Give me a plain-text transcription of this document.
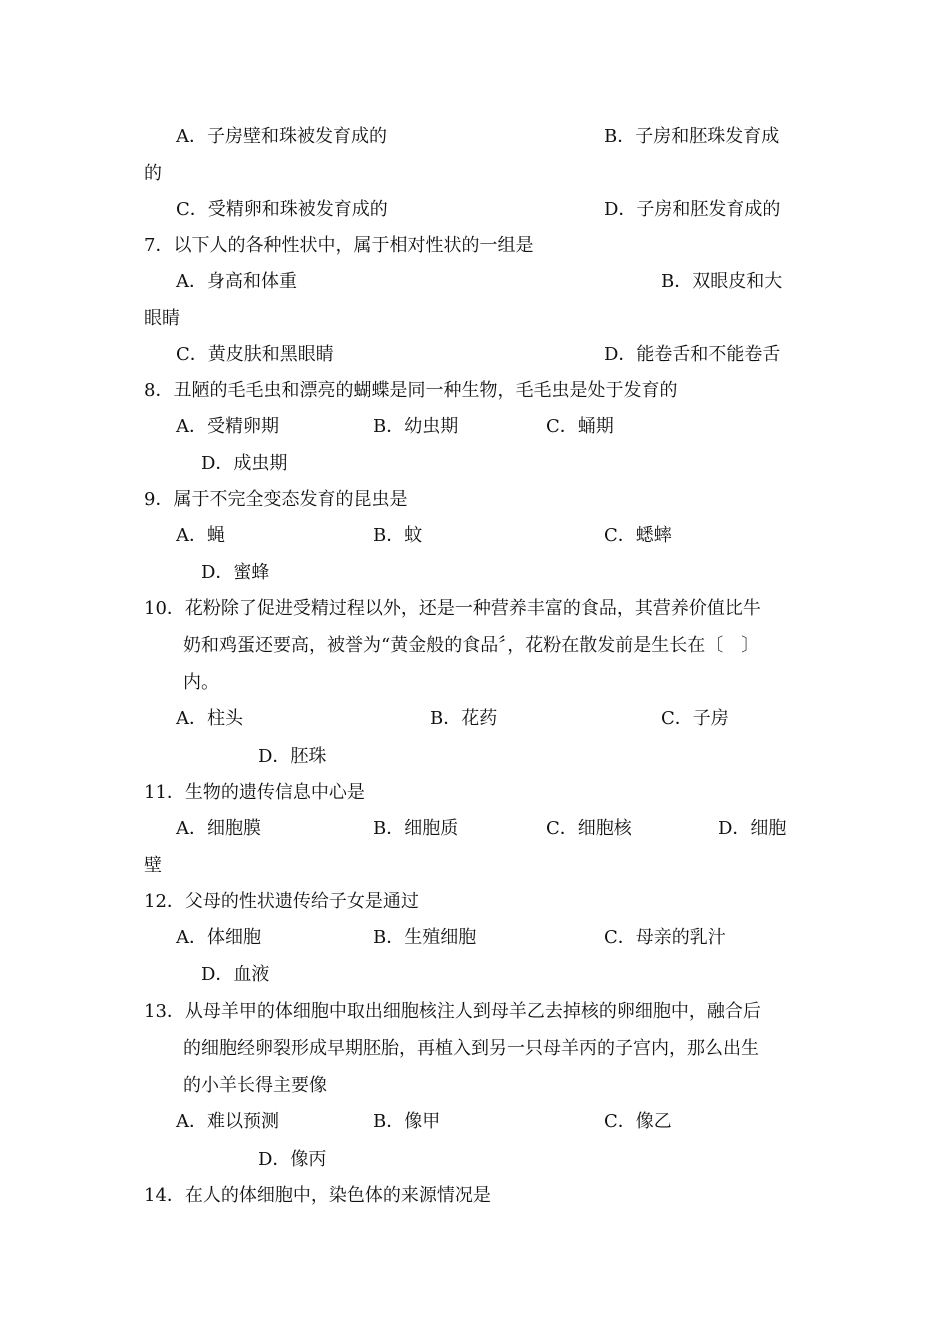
A．子房壁和珠被发育成的	B．子房和胚珠发育成
的
C．受精卵和珠被发育成的	D．子房和胚发育成的
7．以下人的各种性状中，属于相对性状的一组是
A．身高和体重	B．双眼皮和大
眼睛
C．黄皮肤和黑眼睛	D．能卷舌和不能卷舌
8．丑陋的毛毛虫和漂亮的蝴蝶是同一种生物，毛毛虫是处于发育的
A．受精卵期	B．幼虫期	C．蛹期
D．成虫期
9．属于不完全变态发育的昆虫是
A．蝇	B．蚊	C．蟋蟀
D．蜜蜂
10．花粉除了促进受精过程以外，还是一种营养丰富的食品，其营养价值比牛
奶和鸡蛋还要高，被誉为“黄金般的食品〞，花粉在散发前是生长在〔　〕
内。
A．柱头	B．花药	C．子房
D．胚珠
11．生物的遗传信息中心是
A．细胞膜	B．细胞质	C．细胞核	D．细胞
壁
12．父母的性状遗传给子女是通过
A．体细胞	B．生殖细胞	C．母亲的乳汁
D．血液
13．从母羊甲的体细胞中取出细胞核注人到母羊乙去掉核的卵细胞中，融合后
的细胞经卵裂形成早期胚胎，再植入到另一只母羊丙的子宫内，那么出生
的小羊长得主要像
A．难以预测	B．像甲	C．像乙
D．像丙
14．在人的体细胞中，染色体的来源情况是
